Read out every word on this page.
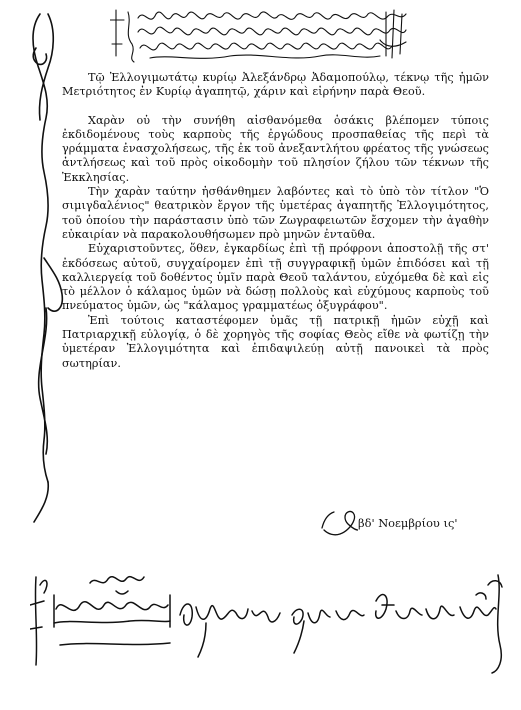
Τῷ Ἐλλογιμωτάτῳ κυρίῳ Ἀλεξάνδρῳ Ἀδαμοπούλῳ, τέκνῳ τῆς ἡμῶν Μετριότητος ἐν Κυρίῳ ἀγαπητῷ, χάριν καὶ εἰρήνην παρὰ Θεοῦ.

Χαρὰν οὐ τὴν συνήθη αἰσθανόμεθα ὁσάκις βλέπομεν τύποις ἐκδιδομένους τοὺς καρποὺς τῆς ἐργώδους προσπαθείας τῆς περὶ τὰ γράμματα ἐνασχολήσεως, τῆς ἐκ τοῦ ἀνεξαντλήτου φρέατος τῆς γνώσεως ἀντλήσεως καὶ τοῦ πρὸς οἰκοδομὴν τοῦ πλησίον ζήλου τῶν τέκνων τῆς Ἐκκλησίας.

Τὴν χαρὰν ταύτην ἠσθάνθημεν λαβόντες καὶ τὸ ὑπὸ τὸν τίτλον "Ὁ σιμιγδαλένιος" θεατρικὸν ἔργον τῆς ὑμετέρας ἀγαπητῆς Ἐλλογιμότητος, τοῦ ὁποίου τὴν παράστασιν ὑπὸ τῶν Ζωγραφειωτῶν ἔσχομεν τὴν ἀγαθὴν εὐκαιρίαν νὰ παρακολουθήσωμεν πρὸ μηνῶν ἐνταῦθα.

Εὐχαριστοῦντες, ὅθεν, ἐγκαρδίως ἐπὶ τῇ πρόφρονι ἀποστολῇ τῆς στ' ἐκδόσεως αὐτοῦ, συγχαίρομεν ἐπὶ τῇ συγγραφικῇ ὑμῶν ἐπιδόσει καὶ τῇ καλλιεργείᾳ τοῦ δοθέντος ὑμῖν παρὰ Θεοῦ ταλάντου, εὐχόμεθα δὲ καὶ εἰς τὸ μέλλον ὁ κάλαμος ὑμῶν νὰ δώσῃ πολλοὺς καὶ εὐχύμους καρποὺς τοῦ πνεύματος ὑμῶν, ὡς "κάλαμος γραμματέως ὀξυγράφου".

Ἐπὶ τούτοις καταστέφομεν ὑμᾶς τῇ πατρικῇ ἡμῶν εὐχῇ καὶ Πατριαρχικῇ εὐλογίᾳ, ὁ δὲ χορηγὸς τῆς σοφίας Θεὸς εἴθε νὰ φωτίζῃ τὴν ὑμετέραν Ἐλλογιμότητα καὶ ἐπιδαψιλεύῃ αὐτῇ πανοικεὶ τὰ πρὸς σωτηρίαν.

βδ' Νοεμβρίου ις'
